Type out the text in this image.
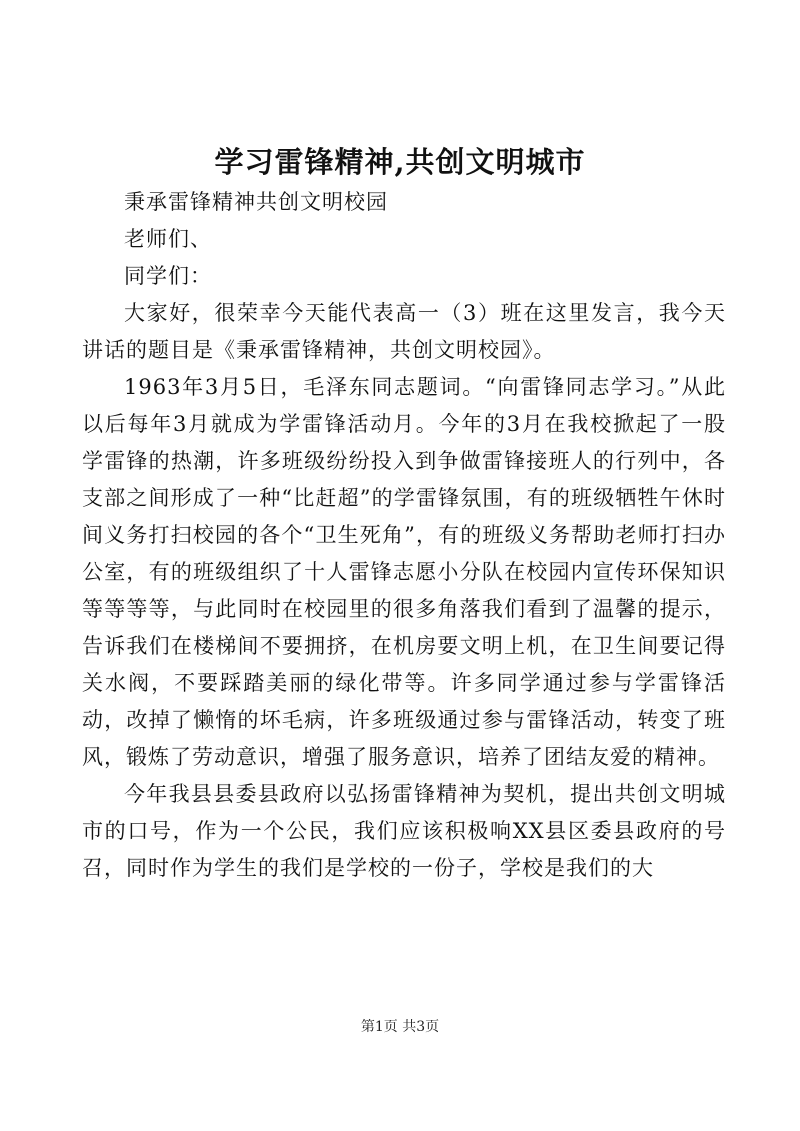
学习雷锋精神,共创文明城市

秉承雷锋精神共创文明校园

老师们、

同学们：

大家好，很荣幸今天能代表高一（3）班在这里发言，我今天讲话的题目是《秉承雷锋精神，共创文明校园》。

1963年3月5日，毛泽东同志题词。“向雷锋同志学习。”从此以后每年3月就成为学雷锋活动月。今年的3月在我校掀起了一股学雷锋的热潮，许多班级纷纷投入到争做雷锋接班人的行列中，各支部之间形成了一种“比赶超”的学雷锋氛围，有的班级牺牲午休时间义务打扫校园的各个“卫生死角”，有的班级义务帮助老师打扫办公室，有的班级组织了十人雷锋志愿小分队在校园内宣传环保知识等等等等，与此同时在校园里的很多角落我们看到了温馨的提示，告诉我们在楼梯间不要拥挤，在机房要文明上机，在卫生间要记得关水阀，不要踩踏美丽的绿化带等。许多同学通过参与学雷锋活动，改掉了懒惰的坏毛病，许多班级通过参与雷锋活动，转变了班风，锻炼了劳动意识，增强了服务意识，培养了团结友爱的精神。

今年我县县委县政府以弘扬雷锋精神为契机，提出共创文明城市的口号，作为一个公民，我们应该积极响XX县区委县政府的号召，同时作为学生的我们是学校的一份子，学校是我们的大

第1页 共3页
